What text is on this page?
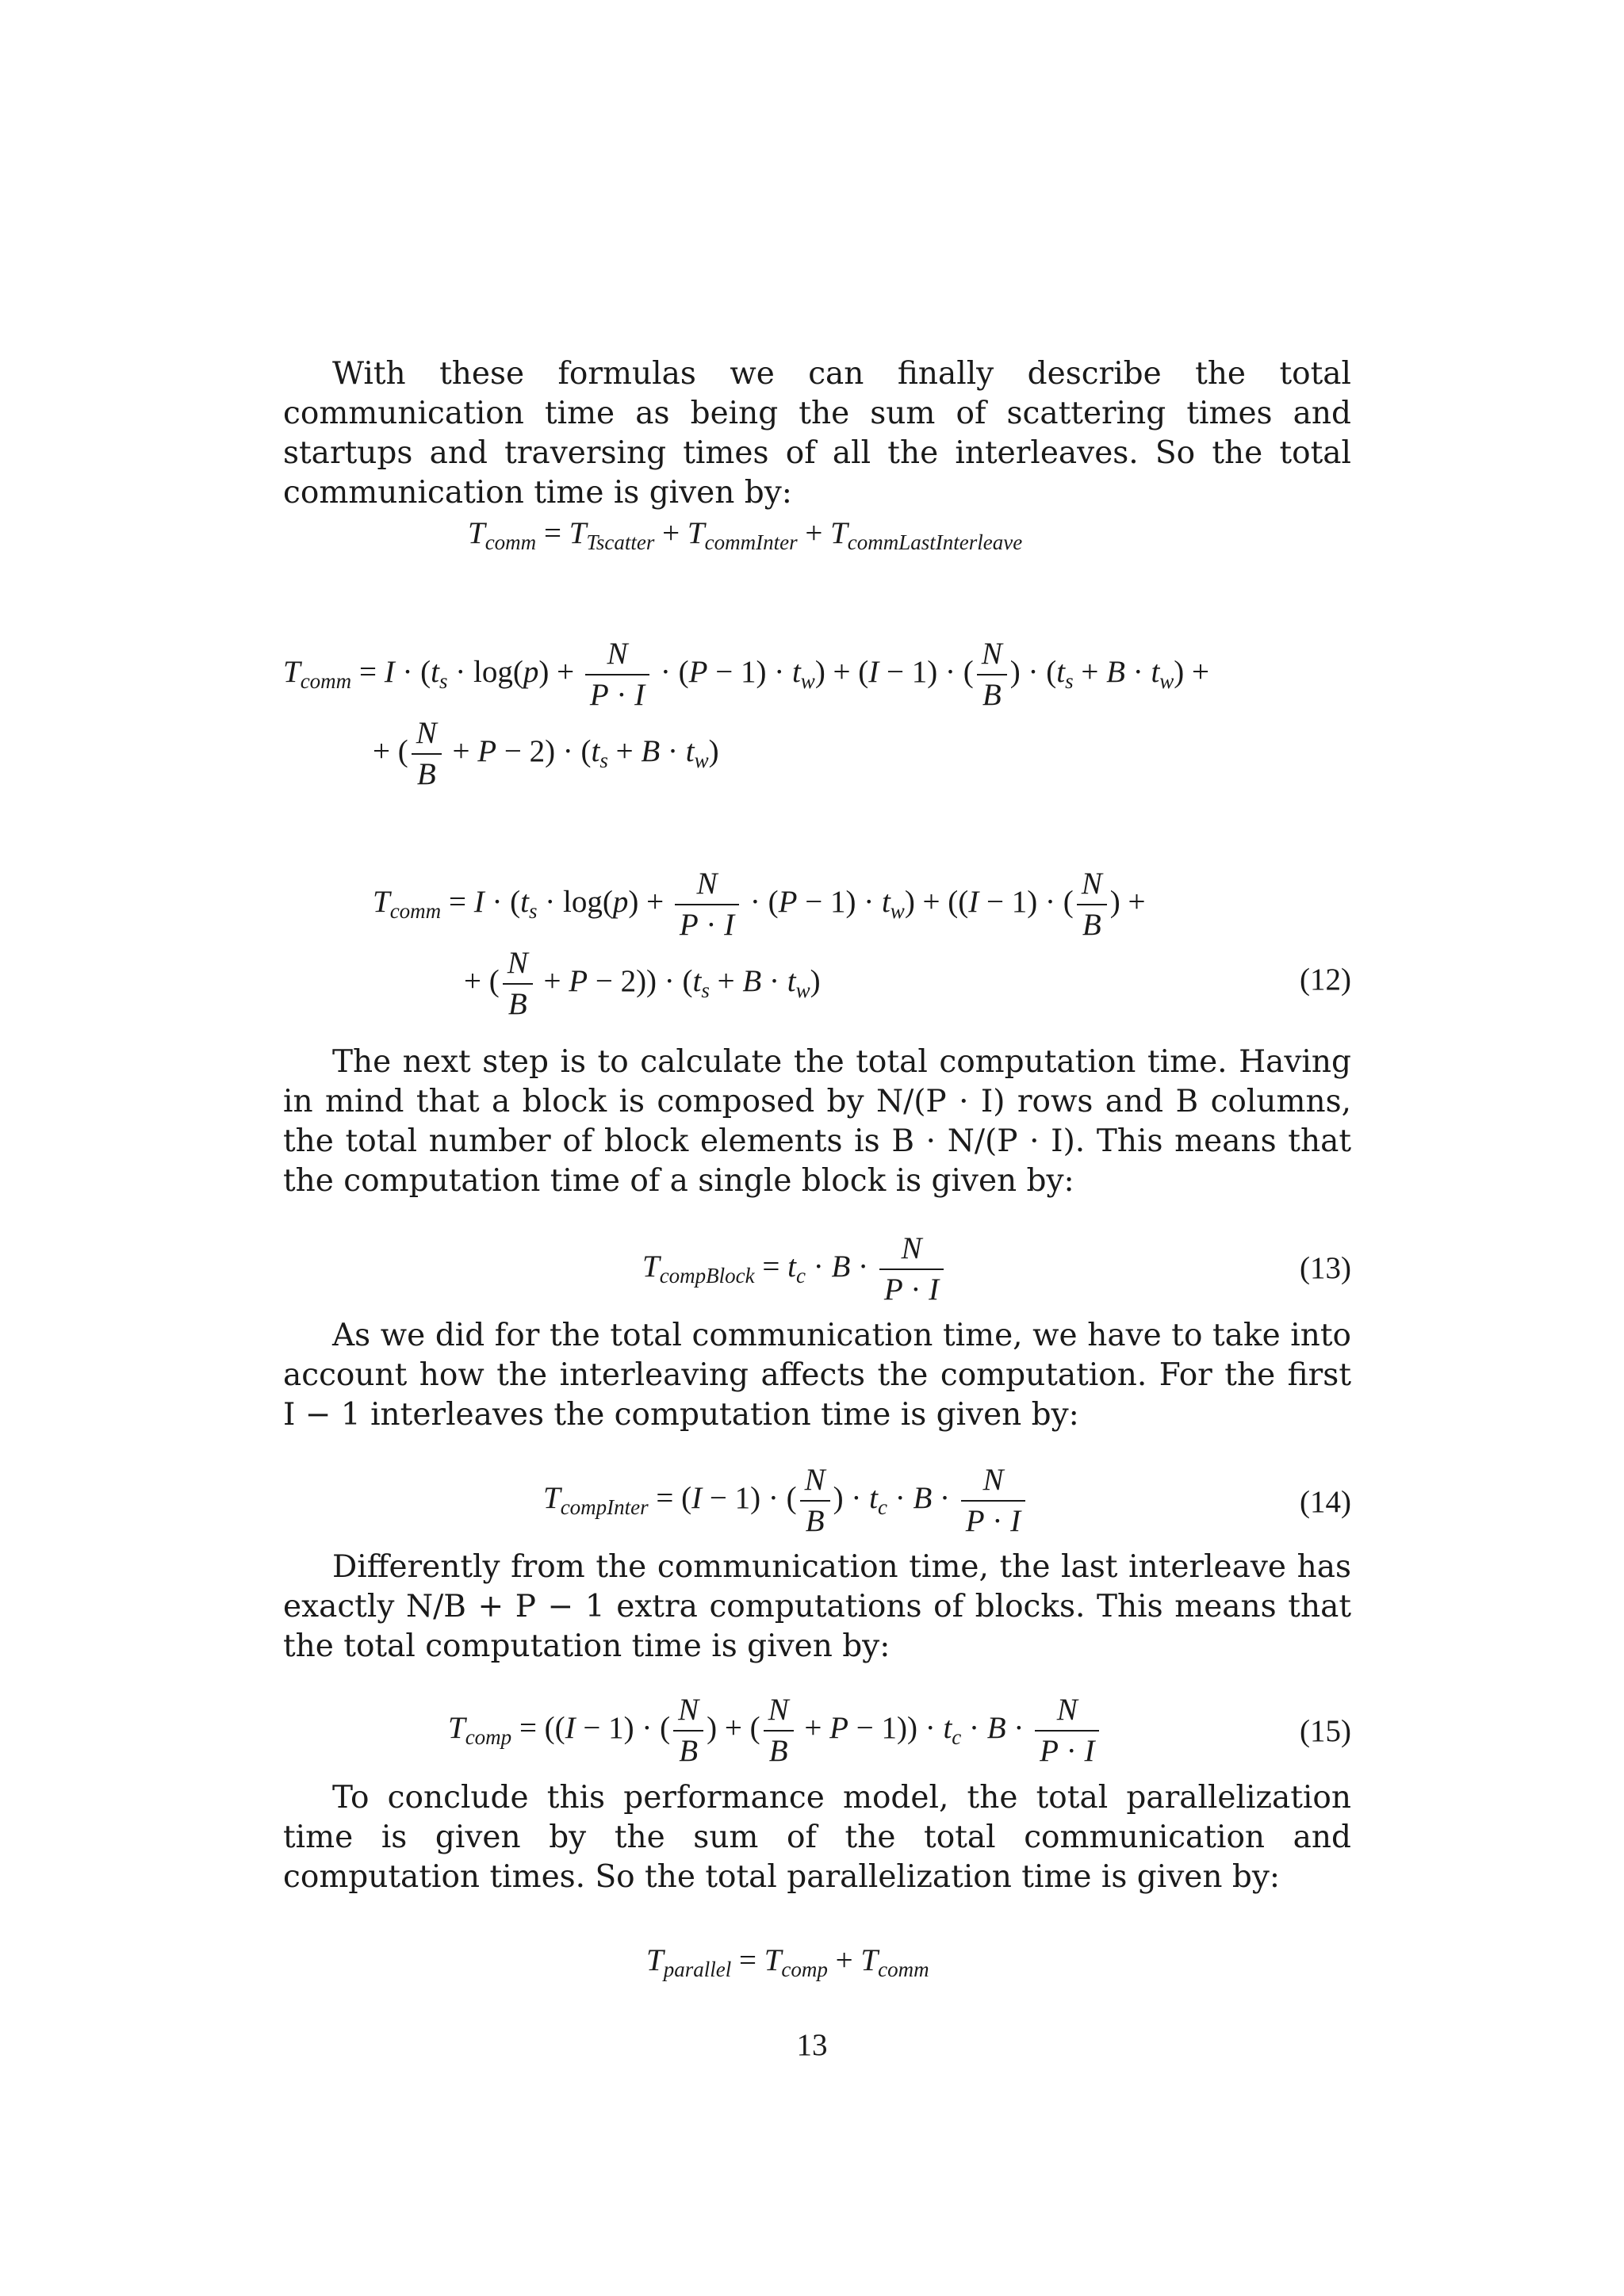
With these formulas we can finally describe the total communication time as being the sum of scattering times and startups and traversing times of all the interleaves. So the total communication time is given by:

$T_{comm} = T_{Tscatter} + T_{commInter} + T_{commLastInterleave}$
$T_{comm} = I \cdot (t_s \cdot \log(p) + \frac{N}{P \cdot I} \cdot (P - 1) \cdot t_w) + (I - 1)$ · ( $\frac{N}{B}$ ) · $(t_s + B \cdot t_w)$ +
+ ( $\frac{N}{B} + P - 2) \cdot (t_s + B \cdot t_w)$
$T_{comm} = I \cdot (t_s \cdot \log(p) + \frac{N}{P \cdot I} \cdot (P - 1) \cdot t_w) + ((I - 1)$ · ( $\frac{N}{B}$ ) +
+ ( $\frac{N}{B} + P - 2)) \cdot (t_s + B \cdot t_w)$	(12)

The next step is to calculate the total computation time. Having in mind that a block is composed by N/(P · I) rows and B columns, the total number of block elements is B · N/(P · I). This means that the computation time of a single block is given by:

$T_{compBlock} = t_c \cdot B \cdot \frac{N}{P \cdot I}$	(13)

As we did for the total communication time, we have to take into account how the interleaving affects the computation. For the first I − 1 interleaves the computation time is given by:

$T_{compInter} = (I - 1)$ · ( $\frac{N}{B}$ ) · $t_c \cdot B \cdot \frac{N}{P \cdot I}$	(14)

Differently from the communication time, the last interleave has exactly N/B + P − 1 extra computations of blocks. This means that the total computation time is given by:

$T_{comp} = ((I - 1)$ · ( $\frac{N}{B}$ ) + ( $\frac{N}{B} + P - 1)) \cdot t_c \cdot B \cdot \frac{N}{P \cdot I}$	(15)

To conclude this performance model, the total parallelization time is given by the sum of the total communication and computation times. So the total parallelization time is given by:

$T_{parallel} = T_{comp} + T_{comm}$
13
